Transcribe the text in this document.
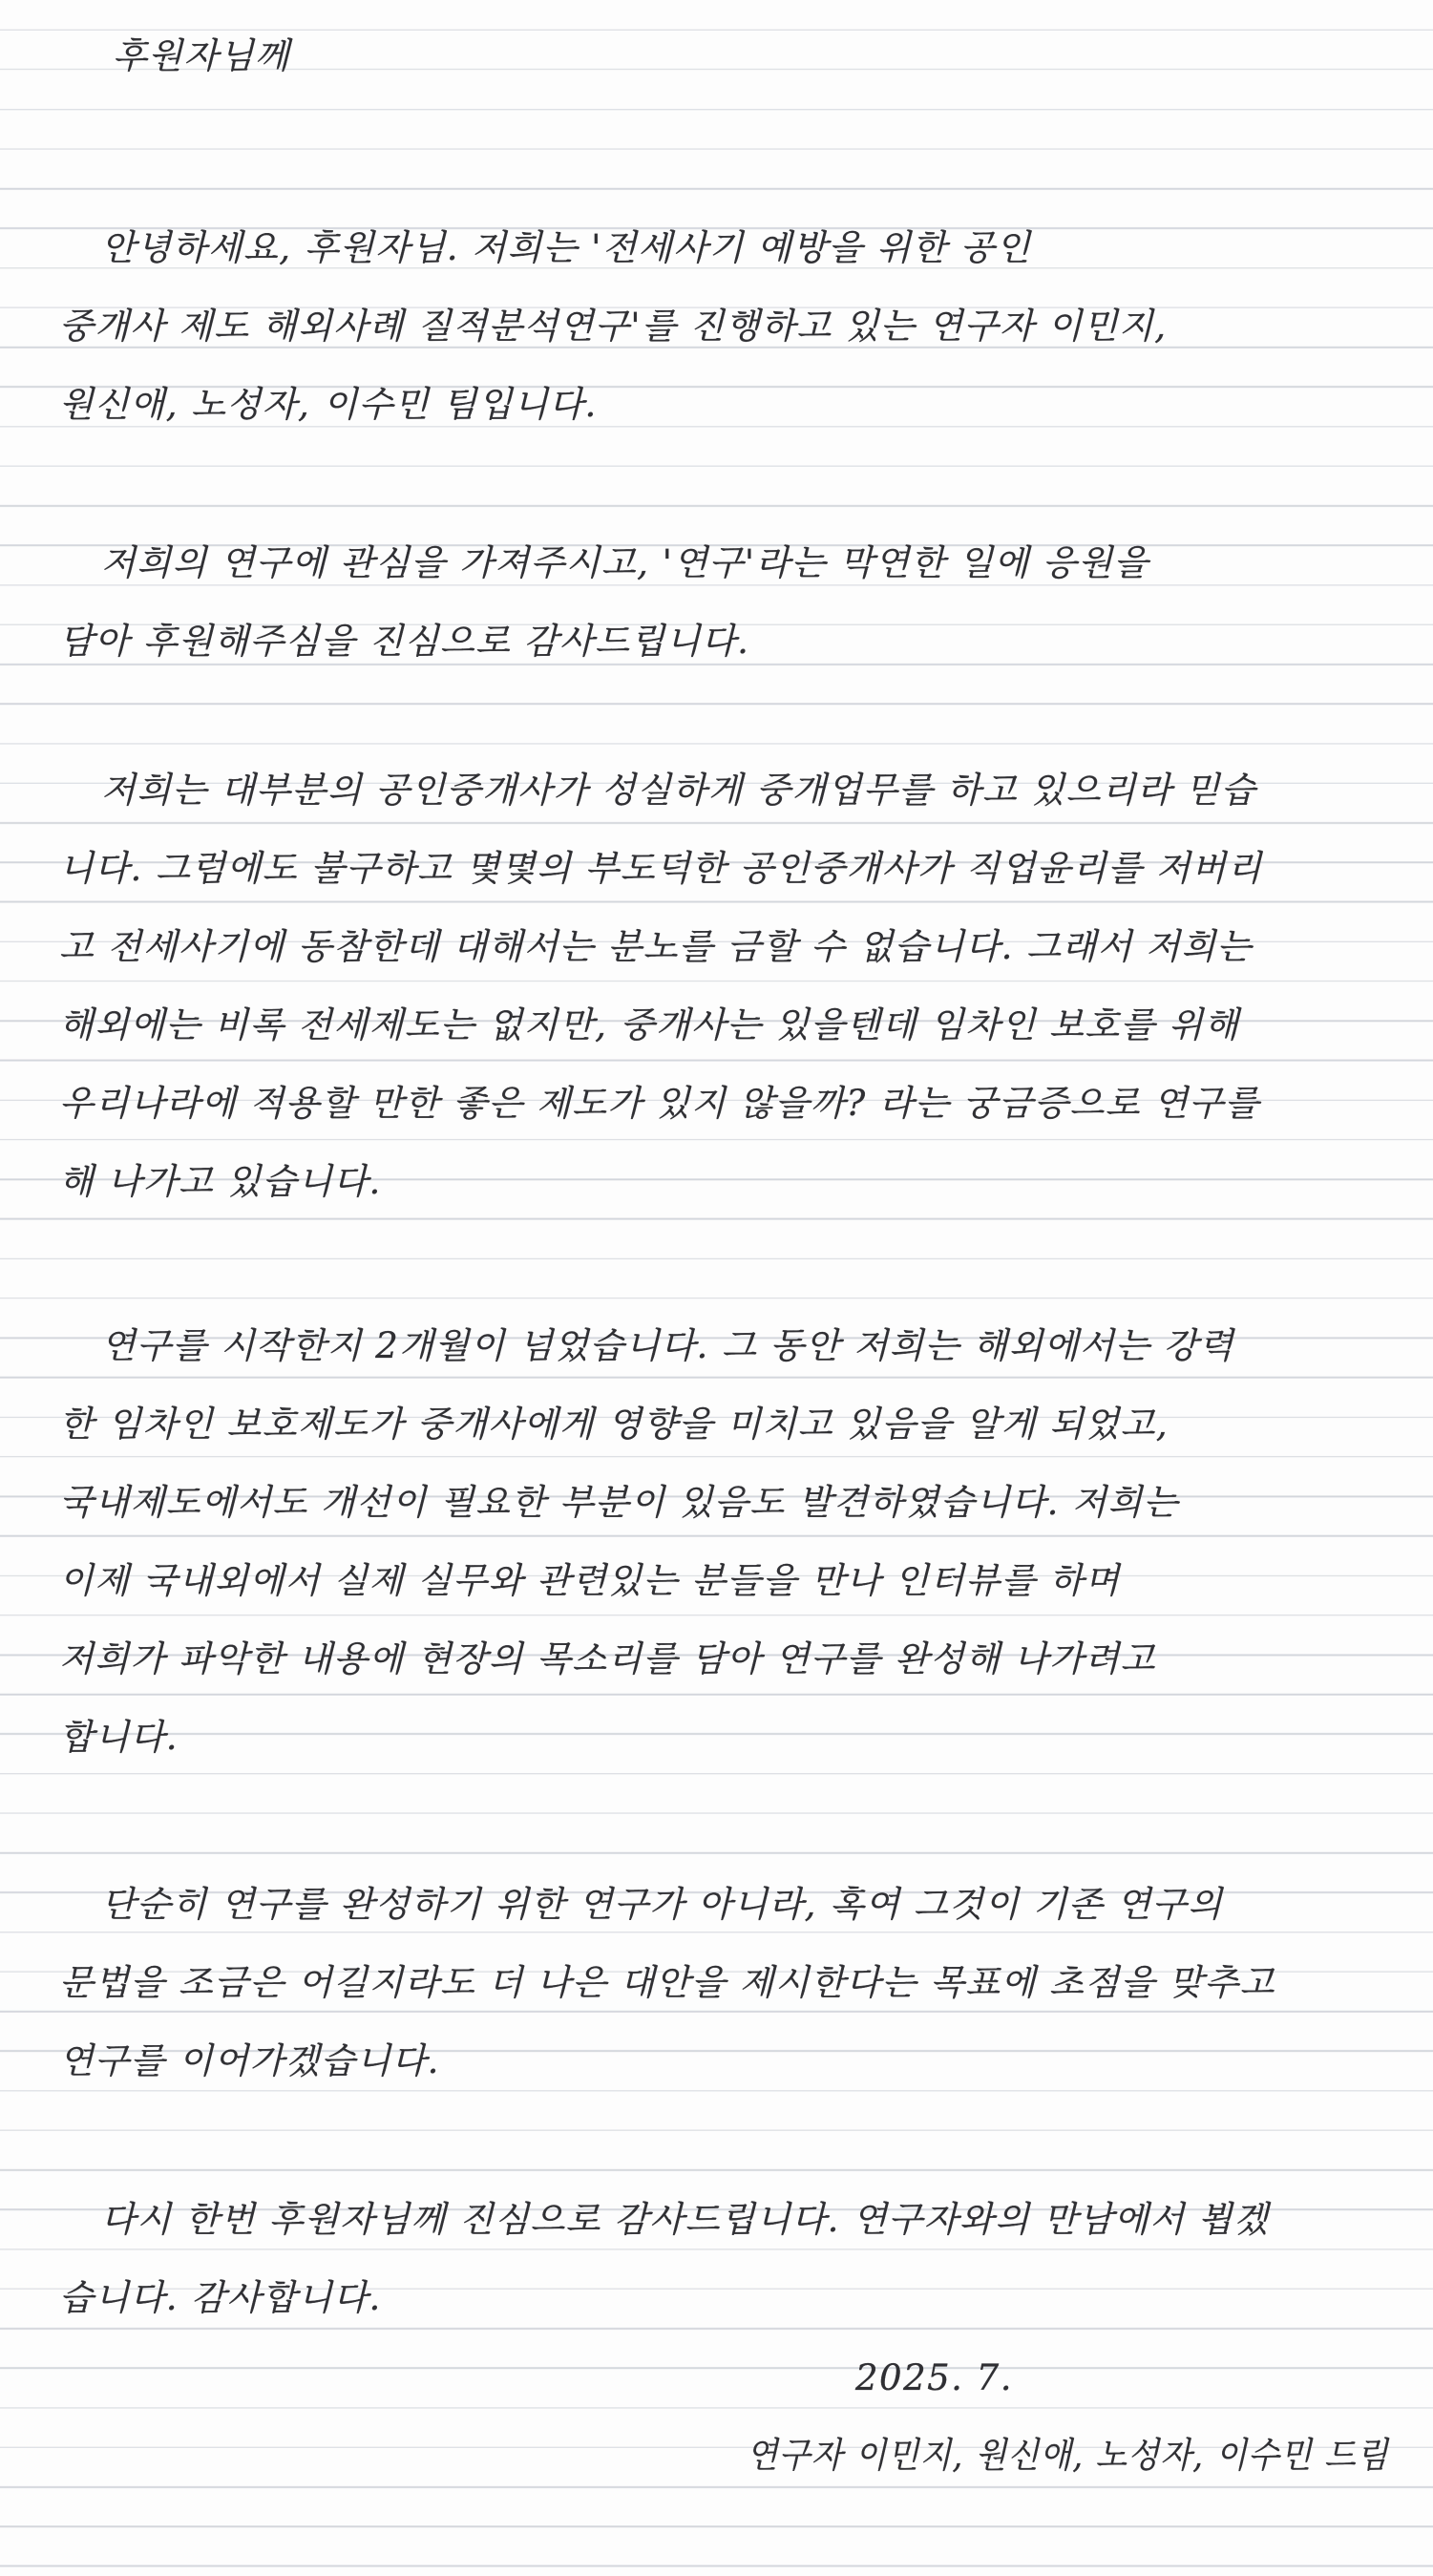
후원자님께
안녕하세요, 후원자님. 저희는 '전세사기 예방을 위한 공인
중개사 제도 해외사례 질적분석연구'를 진행하고 있는 연구자 이민지,
원신애, 노성자, 이수민 팀입니다.
저희의 연구에 관심을 가져주시고, '연구'라는 막연한 일에 응원을
담아 후원해주심을 진심으로 감사드립니다.
저희는 대부분의 공인중개사가 성실하게 중개업무를 하고 있으리라 믿습
니다. 그럼에도 불구하고 몇몇의 부도덕한 공인중개사가 직업윤리를 저버리
고 전세사기에 동참한데 대해서는 분노를 금할 수 없습니다. 그래서 저희는
해외에는 비록 전세제도는 없지만, 중개사는 있을텐데 임차인 보호를 위해
우리나라에 적용할 만한 좋은 제도가 있지 않을까? 라는 궁금증으로 연구를
해 나가고 있습니다.
연구를 시작한지 2개월이 넘었습니다. 그 동안 저희는 해외에서는 강력
한 임차인 보호제도가 중개사에게 영향을 미치고 있음을 알게 되었고,
국내제도에서도 개선이 필요한 부분이 있음도 발견하였습니다. 저희는
이제 국내외에서 실제 실무와 관련있는 분들을 만나 인터뷰를 하며
저희가 파악한 내용에 현장의 목소리를 담아 연구를 완성해 나가려고
합니다.
단순히 연구를 완성하기 위한 연구가 아니라, 혹여 그것이 기존 연구의
문법을 조금은 어길지라도 더 나은 대안을 제시한다는 목표에 초점을 맞추고
연구를 이어가겠습니다.
다시 한번 후원자님께 진심으로 감사드립니다. 연구자와의 만남에서 뵙겠
습니다. 감사합니다.
2025. 7.
연구자 이민지, 원신애, 노성자, 이수민 드림
